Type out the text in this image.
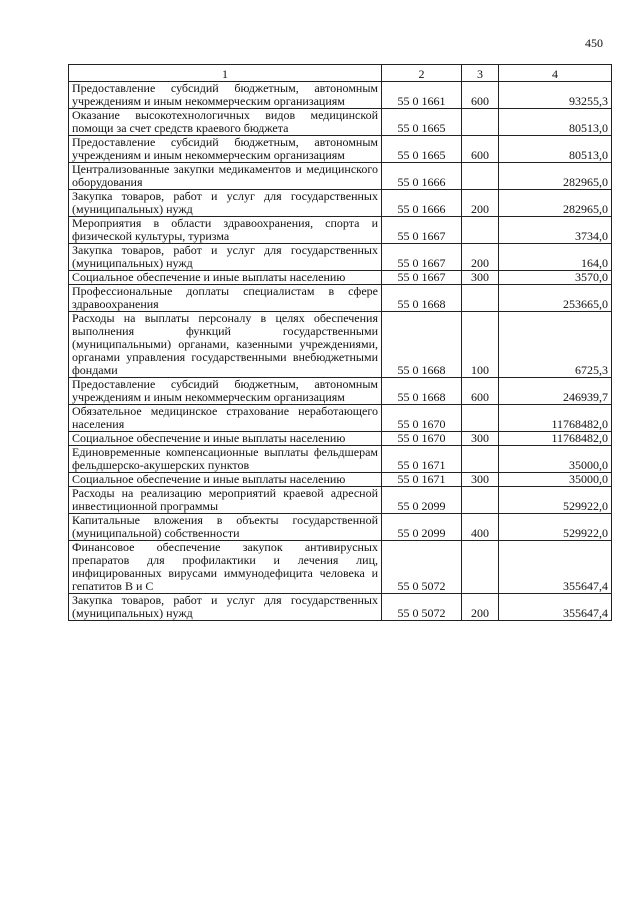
450
1	2	3	4
Предоставление субсидий бюджетным, автономным учреждениям и иным некоммерческим организациям	55 0 1661	600	93255,3
Оказание высокотехнологичных видов медицинской помощи за счет средств краевого бюджета	55 0 1665		80513,0
Предоставление субсидий бюджетным, автономным учреждениям и иным некоммерческим организациям	55 0 1665	600	80513,0
Централизованные закупки медикаментов и медицинского оборудования	55 0 1666		282965,0
Закупка товаров, работ и услуг для государственных (муниципальных) нужд	55 0 1666	200	282965,0
Мероприятия в области здравоохранения, спорта и физической культуры, туризма	55 0 1667		3734,0
Закупка товаров, работ и услуг для государственных (муниципальных) нужд	55 0 1667	200	164,0
Социальное обеспечение и иные выплаты населению	55 0 1667	300	3570,0
Профессиональные доплаты специалистам в сфере здравоохранения	55 0 1668		253665,0
Расходы на выплаты персоналу в целях обеспечения выполнения функций государственными (муниципальными) органами, казенными учреждениями, органами управления государственными внебюджетными фондами	55 0 1668	100	6725,3
Предоставление субсидий бюджетным, автономным учреждениям и иным некоммерческим организациям	55 0 1668	600	246939,7
Обязательное медицинское страхование неработающего населения	55 0 1670		11768482,0
Социальное обеспечение и иные выплаты населению	55 0 1670	300	11768482,0
Единовременные компенсационные выплаты фельдшерам фельдшерско-акушерских пунктов	55 0 1671		35000,0
Социальное обеспечение и иные выплаты населению	55 0 1671	300	35000,0
Расходы на реализацию мероприятий краевой адресной инвестиционной программы	55 0 2099		529922,0
Капитальные вложения в объекты государственной (муниципальной) собственности	55 0 2099	400	529922,0
Финансовое обеспечение закупок антивирусных препаратов для профилактики и лечения лиц, инфицированных вирусами иммунодефицита человека и гепатитов В и С	55 0 5072		355647,4
Закупка товаров, работ и услуг для государственных (муниципальных) нужд	55 0 5072	200	355647,4
